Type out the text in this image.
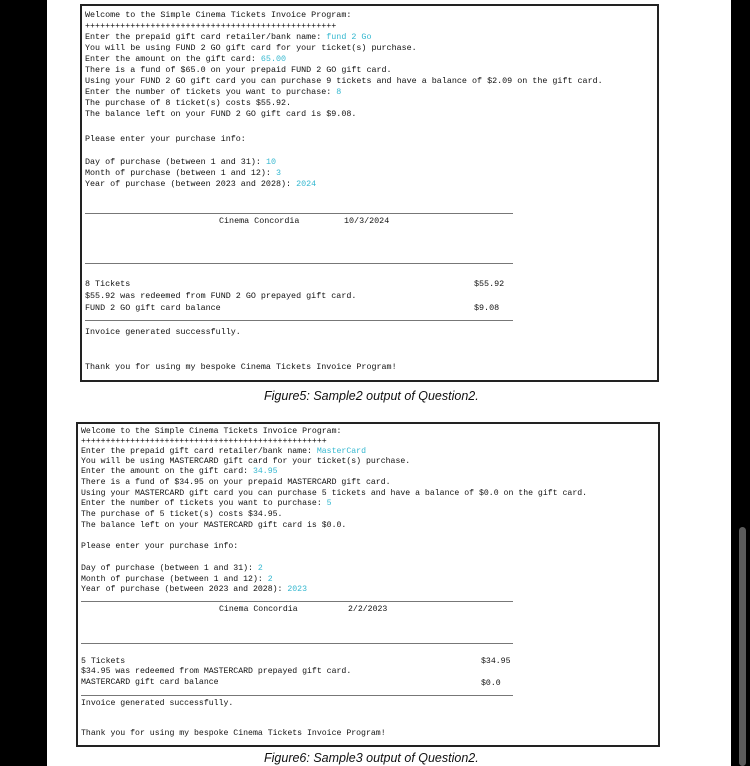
Welcome to the Simple Cinema Tickets Invoice Program:
++++++++++++++++++++++++++++++++++++++++++++++++++
Enter the prepaid gift card retailer/bank name: fund 2 Go
You will be using FUND 2 GO gift card for your ticket(s) purchase.
Enter the amount on the gift card: 65.00
There is a fund of $65.0 on your prepaid FUND 2 GO gift card.
Using your FUND 2 GO gift card you can purchase 9 tickets and have a balance of $2.09 on the gift card.
Enter the number of tickets you want to purchase: 8
The purchase of 8 ticket(s) costs $55.92.
The balance left on your FUND 2 GO gift card is $9.08.
Please enter your purchase info:
Day of purchase (between 1 and 31): 10
Month of purchase (between 1 and 12): 3
Year of purchase (between 2023 and 2028): 2024
Cinema Concordia	10/3/2024
8 Tickets	$55.92
$55.92 was redeemed from FUND 2 GO prepayed gift card.
FUND 2 GO gift card balance	$9.08
Invoice generated successfully.
Thank you for using my bespoke Cinema Tickets Invoice Program!
Figure5: Sample2 output of Question2.
Welcome to the Simple Cinema Tickets Invoice Program:
++++++++++++++++++++++++++++++++++++++++++++++++++
Enter the prepaid gift card retailer/bank name: MasterCard
You will be using MASTERCARD gift card for your ticket(s) purchase.
Enter the amount on the gift card: 34.95
There is a fund of $34.95 on your prepaid MASTERCARD gift card.
Using your MASTERCARD gift card you can purchase 5 tickets and have a balance of $0.0 on the gift card.
Enter the number of tickets you want to purchase: 5
The purchase of 5 ticket(s) costs $34.95.
The balance left on your MASTERCARD gift card is $0.0.
Please enter your purchase info:
Day of purchase (between 1 and 31): 2
Month of purchase (between 1 and 12): 2
Year of purchase (between 2023 and 2028): 2023
Cinema Concordia	2/2/2023
5 Tickets	$34.95
$34.95 was redeemed from MASTERCARD prepayed gift card.
MASTERCARD gift card balance	$0.0
Invoice generated successfully.
Thank you for using my bespoke Cinema Tickets Invoice Program!
Figure6: Sample3 output of Question2.
